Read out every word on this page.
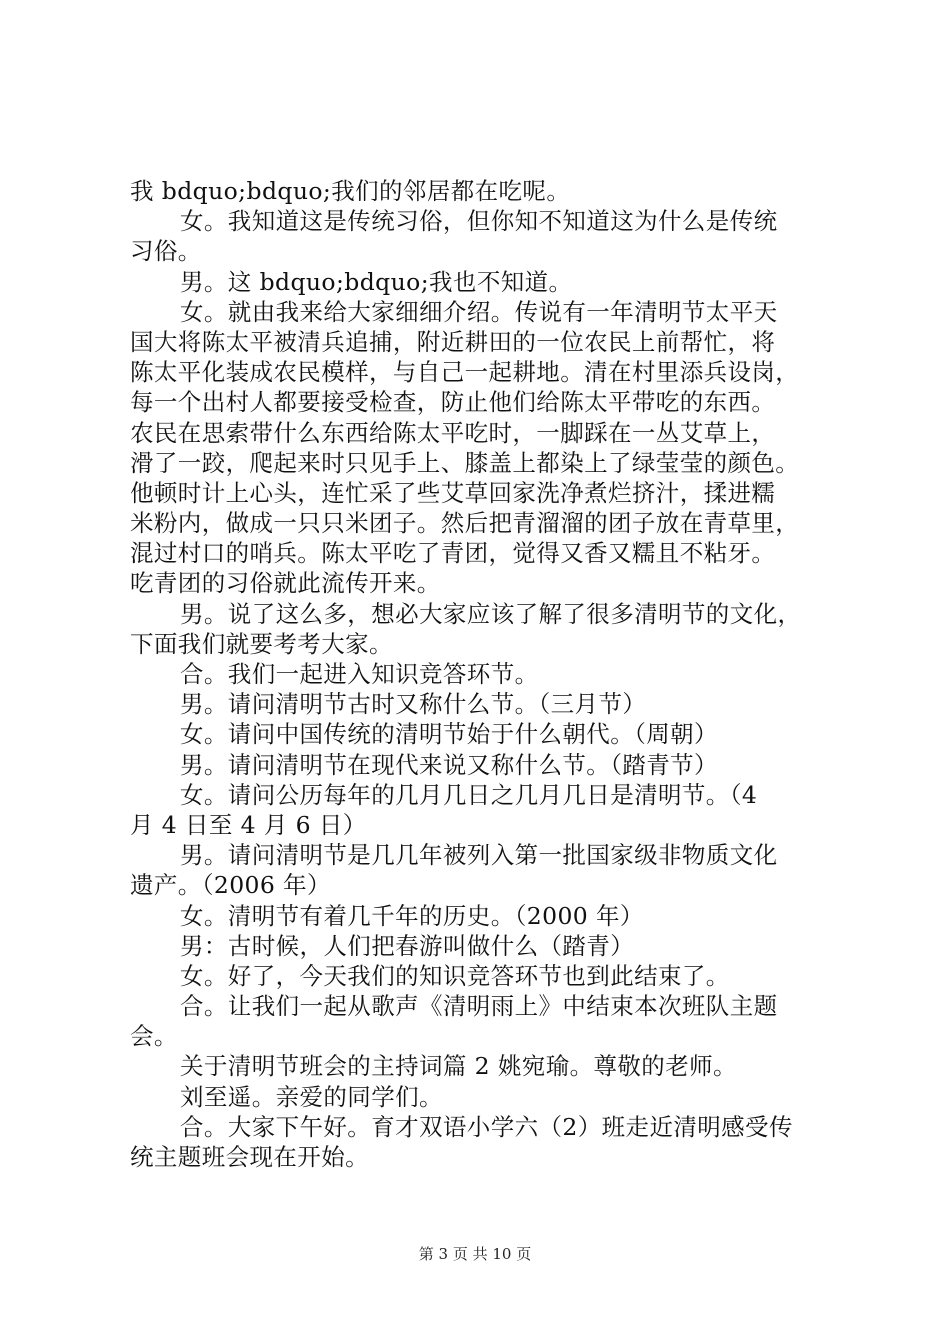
我 bdquo;bdquo;我们的邻居都在吃呢。
女。我知道这是传统习俗，但你知不知道这为什么是传统
习俗。
男。这 bdquo;bdquo;我也不知道。
女。就由我来给大家细细介绍。传说有一年清明节太平天
国大将陈太平被清兵追捕，附近耕田的一位农民上前帮忙，将
陈太平化装成农民模样，与自己一起耕地。清在村里添兵设岗，
每一个出村人都要接受检查，防止他们给陈太平带吃的东西。
农民在思索带什么东西给陈太平吃时，一脚踩在一丛艾草上，
滑了一跤，爬起来时只见手上、膝盖上都染上了绿莹莹的颜色。
他顿时计上心头，连忙采了些艾草回家洗净煮烂挤汁，揉进糯
米粉内，做成一只只米团子。然后把青溜溜的团子放在青草里，
混过村口的哨兵。陈太平吃了青团，觉得又香又糯且不粘牙。
吃青团的习俗就此流传开来。
男。说了这么多，想必大家应该了解了很多清明节的文化，
下面我们就要考考大家。
合。我们一起进入知识竞答环节。
男。请问清明节古时又称什么节。（三月节）
女。请问中国传统的清明节始于什么朝代。（周朝）
男。请问清明节在现代来说又称什么节。（踏青节）
女。请问公历每年的几月几日之几月几日是清明节。（4
月 4 日至 4 月 6 日）
男。请问清明节是几几年被列入第一批国家级非物质文化
遗产。（2006 年）
女。清明节有着几千年的历史。（2000 年）
男：古时候，人们把春游叫做什么（踏青）
女。好了，今天我们的知识竞答环节也到此结束了。
合。让我们一起从歌声《清明雨上》中结束本次班队主题
会。
关于清明节班会的主持词篇 2 姚宛瑜。尊敬的老师。
刘至遥。亲爱的同学们。
合。大家下午好。育才双语小学六（2）班走近清明感受传
统主题班会现在开始。
第 3 页 共 10 页
